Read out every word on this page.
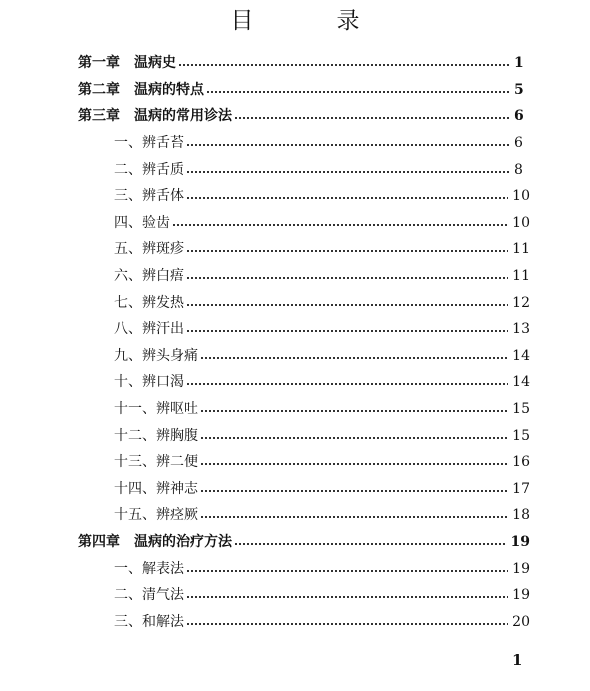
目　录
第一章　温病史	1
第二章　温病的特点	5
第三章　温病的常用诊法	6
一、辨舌苔	6
二、辨舌质	8
三、辨舌体	10
四、验齿	10
五、辨斑疹	11
六、辨白痦	11
七、辨发热	12
八、辨汗出	13
九、辨头身痛	14
十、辨口渴	14
十一、辨呕吐	15
十二、辨胸腹	15
十三、辨二便	16
十四、辨神志	17
十五、辨痉厥	18
第四章　温病的治疗方法	19
一、解表法	19
二、清气法	19
三、和解法	20
1
